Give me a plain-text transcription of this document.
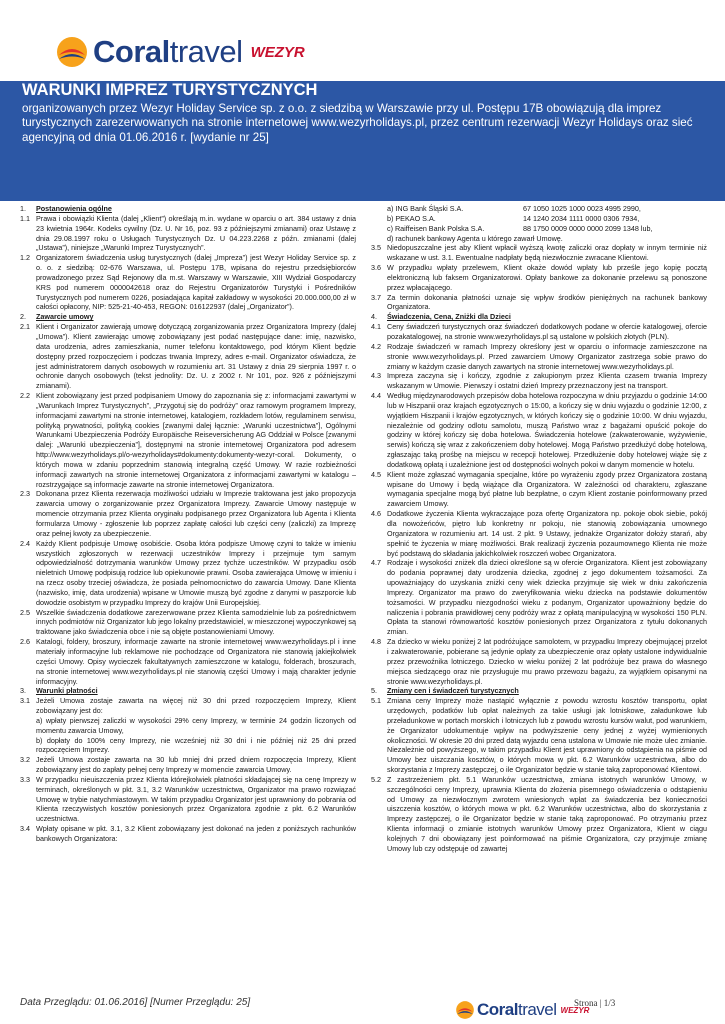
Coraltravel WEZYR
WARUNKI IMPREZ TURYSTYCZNYCH
organizowanych przez Wezyr Holiday Service sp. z o.o. z siedzibą w Warszawie przy ul. Postępu 17B obowiązują dla imprez turystycznych zarezerwowanych na stronie internetowej www.wezyrholidays.pl, przez centrum rezerwacji Wezyr Holidays oraz sieć agencyjną od dnia 01.06.2016 r. [wydanie nr 25]
1. Postanowienia ogólne
1.1 Prawa i obowiązki Klienta (dalej „Klient”) określają m.in. wydane w oparciu o art. 384 ustawy z dnia 23 kwietnia 1964r. Kodeks cywilny (Dz. U. Nr 16, poz. 93 z późniejszymi zmianami) oraz Ustawę z dnia 29.08.1997 roku o Usługach Turystycznych Dz. U 04.223.2268 z późn. zmianami (dalej „Ustawa”), niniejsze „Warunki Imprez Turystycznych”.
1.2 Organizatorem świadczenia usług turystycznych (dalej „Impreza”) jest Wezyr Holiday Service sp. z o. o. z siedzibą: 02-676 Warszawa, ul. Postępu 17B, wpisana do rejestru przedsiębiorców prowadzonego przez Sąd Rejonowy dla m.st. Warszawy w Warszawie, XIII Wydział Gospodarczy KRS pod numerem 0000042618 oraz do Rejestru Organizatorów Turystyki i Pośredników Turystycznych pod numerem 0226, posiadająca kapitał zakładowy w wysokości 20.000.000,00 zł w całości opłacony, NIP: 525-21-40-453, REGON: 016122937 (dalej „Organizator”).
2. Zawarcie umowy
2.1 Klient i Organizator zawierają umowę dotyczącą zorganizowania przez Organizatora Imprezy (dalej „Umowa”). Klient zawierając umowę zobowiązany jest podać następujące dane: imię, nazwisko, data urodzenia, adres zamieszkania, numer telefonu kontaktowego, pod którym Klient będzie dostępny przed rozpoczęciem i podczas trwania Imprezy, adres e-mail. Organizator oświadcza, że jest administratorem danych osobowych w rozumieniu art. 31 Ustawy z dnia 29 sierpnia 1997 r. o ochronie danych osobowych (tekst jednolity: Dz. U. z 2002 r. Nr 101, poz. 926 z późniejszymi zmianami).
2.2 Klient zobowiązany jest przed podpisaniem Umowy do zapoznania się z: informacjami zawartymi w „Warunkach Imprez Turystycznych”, „Przygotuj się do podróży” oraz ramowym programem Imprezy, informacjami zawartymi na stronie internetowej, katalogiem, rozkładem lotów, regulaminem serwisu, polityką prywatności, polityką cookies [zwanymi dalej łącznie: „Warunki uczestnictwa”], Ogólnymi Warunkami Ubezpieczenia Podróży Europäische Reiseversicherung AG Oddział w Polsce [zwanymi dalej: „Warunki ubezpieczenia”], dostępnymi na stronie internetowej Organizatora pod adresem http://www.wezyrholidays.pl/o-wezyrholidays#dokumenty:dokumenty-wezyr-coral. Dokumenty, o których mowa w zdaniu poprzednim stanowią integralną część Umowy. W razie rozbieżności informacji zawartych na stronie internetowej Organizatora z informacjami zawartymi w katalogu – rozstrzygające są informacje zawarte na stronie internetowej Organizatora.
2.3 Dokonana przez Klienta rezerwacja możliwości udziału w Imprezie traktowana jest jako propozycja zawarcia umowy o zorganizowanie przez Organizatora Imprezy. Zawarcie Umowy następuje w momencie otrzymania przez Klienta oryginału podpisanego przez Organizatora lub Agenta i Klienta formularza Umowy - zgłoszenie lub poprzez zapłatę całości lub części ceny (zaliczki) za Imprezę oraz pełnej kwoty za ubezpieczenie.
2.4 Każdy Klient podpisuje Umowę osobiście. Osoba która podpisze Umowę czyni to także w imieniu wszystkich zgłoszonych w rezerwacji uczestników Imprezy i przejmuje tym samym odpowiedzialność dotrzymania warunków Umowy przez tychże uczestników. W przypadku osób nieletnich Umowę podpisują rodzice lub opiekunowie prawni. Osoba zawierająca Umowę w imieniu i na rzecz osoby trzeciej oświadcza, że posiada pełnomocnictwo do zawarcia Umowy. Dane Klienta (nazwisko, imię, data urodzenia) wpisane w Umowie muszą być zgodne z danymi w paszporcie lub dowodzie osobistym w przypadku Imprezy do krajów Unii Europejskiej.
2.5 Wszelkie świadczenia dodatkowe zarezerwowane przez Klienta samodzielnie lub za pośrednictwem innych podmiotów niż Organizator lub jego lokalny przedstawiciel, w mieszczonej wypoczynkowej są traktowane jako świadczenia obce i nie są objęte postanowieniami Umowy.
2.6 Katalogi, foldery, broszury, informacje zawarte na stronie internetowej www.wezyrholidays.pl i inne materiały informacyjne lub reklamowe nie pochodzące od Organizatora nie stanowią jakiejkolwiek części Umowy. Opisy wycieczek fakultatywnych zamieszczone w katalogu, folderach, broszurach, na stronie internetowej www.wezyrholidays.pl nie stanowią części Umowy i mają charakter jedynie informacyjny.
3. Warunki płatności
3.1 Jeżeli Umowa zostaje zawarta na więcej niż 30 dni przed rozpoczęciem Imprezy, Klient zobowiązany jest do:
a) wpłaty pierwszej zaliczki w wysokości 29% ceny Imprezy, w terminie 24 godzin liczonych od momentu zawarcia Umowy,
b) dopłaty do 100% ceny Imprezy, nie wcześniej niż 30 dni i nie później niż 25 dni przed rozpoczęciem Imprezy.
3.2 Jeżeli Umowa zostaje zawarta na 30 lub mniej dni przed dniem rozpoczęcia Imprezy, Klient zobowiązany jest do zapłaty pełnej ceny Imprezy w momencie zawarcia Umowy.
3.3 W przypadku nieuiszczenia przez Klienta którejkolwiek płatności składającej się na cenę Imprezy w terminach, określonych w pkt. 3.1, 3.2 Warunków uczestnictwa, Organizator ma prawo rozwiązać Umowę w trybie natychmiastowym. W takim przypadku Organizator jest uprawniony do pobrania od Klienta rzeczywistych kosztów poniesionych przez Organizatora zgodnie z pkt. 6.2 Warunków uczestnictwa.
3.4 Wpłaty opisane w pkt. 3.1, 3.2 Klient zobowiązany jest dokonać na jeden z poniższych rachunków bankowych Organizatora:
a) ING Bank Śląski S.A.	67 1050 1025 1000 0023 4995 2990,
b) PEKAO S.A.	14 1240 2034 1111 0000 0306 7934,
c) Raiffeisen Bank Polska S.A.	88 1750 0009 0000 0000 2099 1348 lub,
d) rachunek bankowy Agenta u którego zawarł Umowę.
3.5 Niedopuszczalne jest aby Klient wpłacił wyższą kwotę zaliczki oraz dopłaty w innym terminie niż wskazane w ust. 3.1. Ewentualne nadpłaty będą niezwłocznie zwracane Klientowi.
3.6 W przypadku wpłaty przelewem, Klient okaże dowód wpłaty lub prześle jego kopię pocztą elektroniczną lub faksem Organizatorowi. Opłaty bankowe za dokonanie przelewu są ponoszone przez wpłacającego.
3.7 Za termin dokonania płatności uznaje się wpływ środków pieniężnych na rachunek bankowy Organizatora.
4. Świadczenia, Cena, Zniżki dla Dzieci
4.1 Ceny świadczeń turystycznych oraz świadczeń dodatkowych podane w ofercie katalogowej, ofercie pozakatalogowej, na stronie www.wezyrholidays.pl są ustalone w polskich złotych (PLN).
4.2 Rodzaje świadczeń w ramach Imprezy określony jest w oparciu o informacje zamieszczone na stronie www.wezyrholidays.pl. Przed zawarciem Umowy Organizator zastrzega sobie prawo do zmiany w każdym czasie danych zawartych na stronie internetowej www.wezyrholidays.pl.
4.3 Impreza zaczyna się i kończy, zgodnie z zakupionym przez Klienta czasem trwania Imprezy wskazanym w Umowie. Pierwszy i ostatni dzień Imprezy przeznaczony jest na transport.
4.4 Według międzynarodowych przepisów doba hotelowa rozpoczyna w dniu przyjazdu o godzinie 14:00 lub w Hiszpanii oraz krajach egzotycznych o 15:00, a kończy się w dniu wyjazdu o godzinie 12:00, z wyjątkiem Hiszpanii i krajów egzotycznych, w których kończy się o godzinie 10:00. W dniu wyjazdu, niezależnie od godziny odlotu samolotu, muszą Państwo wraz z bagażami opuścić pokoje do godziny w której kończy się doba hotelowa. Świadczenia hotelowe (zakwaterowanie, wyżywienie, serwis) kończą się wraz z zakończeniem doby hotelowej. Mogą Państwo przedłużyć dobę hotelową, zgłaszając taką prośbę na miejscu w recepcji hotelowej. Przedłużenie doby hotelowej wiąże się z dodatkową opłatą i uzależnione jest od dostępności wolnych pokoi w danym momencie w hotelu.
4.5 Klient może zgłaszać wymagania specjalne, które po wyrażeniu zgody przez Organizatora zostaną wpisane do Umowy i będą wiążące dla Organizatora. W zależności od charakteru, zgłaszane wymagania specjalne mogą być płatne lub bezpłatne, o czym Klient zostanie poinformowany przed zawarciem Umowy.
4.6 Dodatkowe życzenia Klienta wykraczające poza ofertę Organizatora np. pokoje obok siebie, pokój dla nowożeńców, piętro lub konkretny nr pokoju, nie stanowią zobowiązania umownego Organizatora w rozumieniu art. 14 ust. 2 pkt. 9 Ustawy, jednakże Organizator dołoży starań, aby spełnić te życzenia w miarę możliwości. Brak realizacji życzenia pozaumownego Klienta nie może być podstawą do składania jakichkolwiek roszczeń wobec Organizatora.
4.7 Rodzaje i wysokości zniżek dla dzieci określone są w ofercie Organizatora. Klient jest zobowiązany do podania poprawnej daty urodzenia dziecka, zgodnej z jego dokumentem tożsamości. Za upoważniający do uzyskania zniżki ceny wiek dziecka przyjmuje się wiek w dniu zakończenia Imprezy. Organizator ma prawo do zweryfikowania wieku dziecka na podstawie dokumentów tożsamości. W przypadku niezgodności wieku z podanym, Organizator upoważniony będzie do naliczenia i pobrania prawidłowej ceny podróży wraz z opłatą manipulacyjną w wysokości 150 PLN. Opłata ta stanowi równowartość kosztów poniesionych przez Organizatora z tytułu dokonanych zmian.
4.8 Za dziecko w wieku poniżej 2 lat podróżujące samolotem, w przypadku Imprezy obejmującej przelot i zakwaterowanie, pobierane są jedynie opłaty za ubezpieczenie oraz opłaty ustalone indywidualnie przez przewoźnika lotniczego. Dziecko w wieku poniżej 2 lat podróżuje bez prawa do własnego miejsca siedzącego oraz nie przysługuje mu prawo przewozu bagażu, za wyjątkiem opisanymi na stronie www.wezyrholidays.pl.
5. Zmiany cen i świadczeń turystycznych
5.1 Zmiana ceny Imprezy może nastąpić wyłącznie z powodu wzrostu kosztów transportu, opłat urzędowych, podatków lub opłat należnych za takie usługi jak lotniskowe, załadunkowe lub przeładunkowe w portach morskich i lotniczych lub z powodu wzrostu kursów walut, pod warunkiem, że Organizator udokumentuje wpływ na podwyższenie ceny jednej z wyżej wymienionych okoliczności. W okresie 20 dni przed datą wyjazdu cena ustalona w Umowie nie może ulec zmianie. Niezależnie od powyższego, w takim przypadku Klient jest uprawniony do odstąpienia na piśmie od Umowy bez uiszczania kosztów, o których mowa w pkt. 6.2 Warunków uczestnictwa, albo do skorzystania z Imprezy zastępczej, o ile Organizator będzie w stanie taką zaproponować Klientowi.
5.2 Z zastrzeżeniem pkt. 5.1 Warunków uczestnictwa, zmiana istotnych warunków Umowy, w szczególności ceny Imprezy, uprawnia Klienta do złożenia pisemnego oświadczenia o odstąpieniu od Umowy za niezwłocznym zwrotem wniesionych wpłat za świadczenia bez konieczności uiszczenia kosztów, o których mowa w pkt. 6.2 Warunków uczestnictwa, albo do skorzystania z Imprezy zastępczej, o ile Organizator będzie w stanie taką zaproponować. Po otrzymaniu przez Klienta informacji o zmianie istotnych warunków Umowy przez Organizatora, Klient w ciągu kolejnych 7 dni obowiązany jest poinformować na piśmie Organizatora, czy przyjmuje zmianę Umowy lub czy odstępuje od zawartej
Data Przeglądu: 01.06.2016] [Numer Przeglądu: 25]	Coraltravel WEZYR
Strona | 1/3
